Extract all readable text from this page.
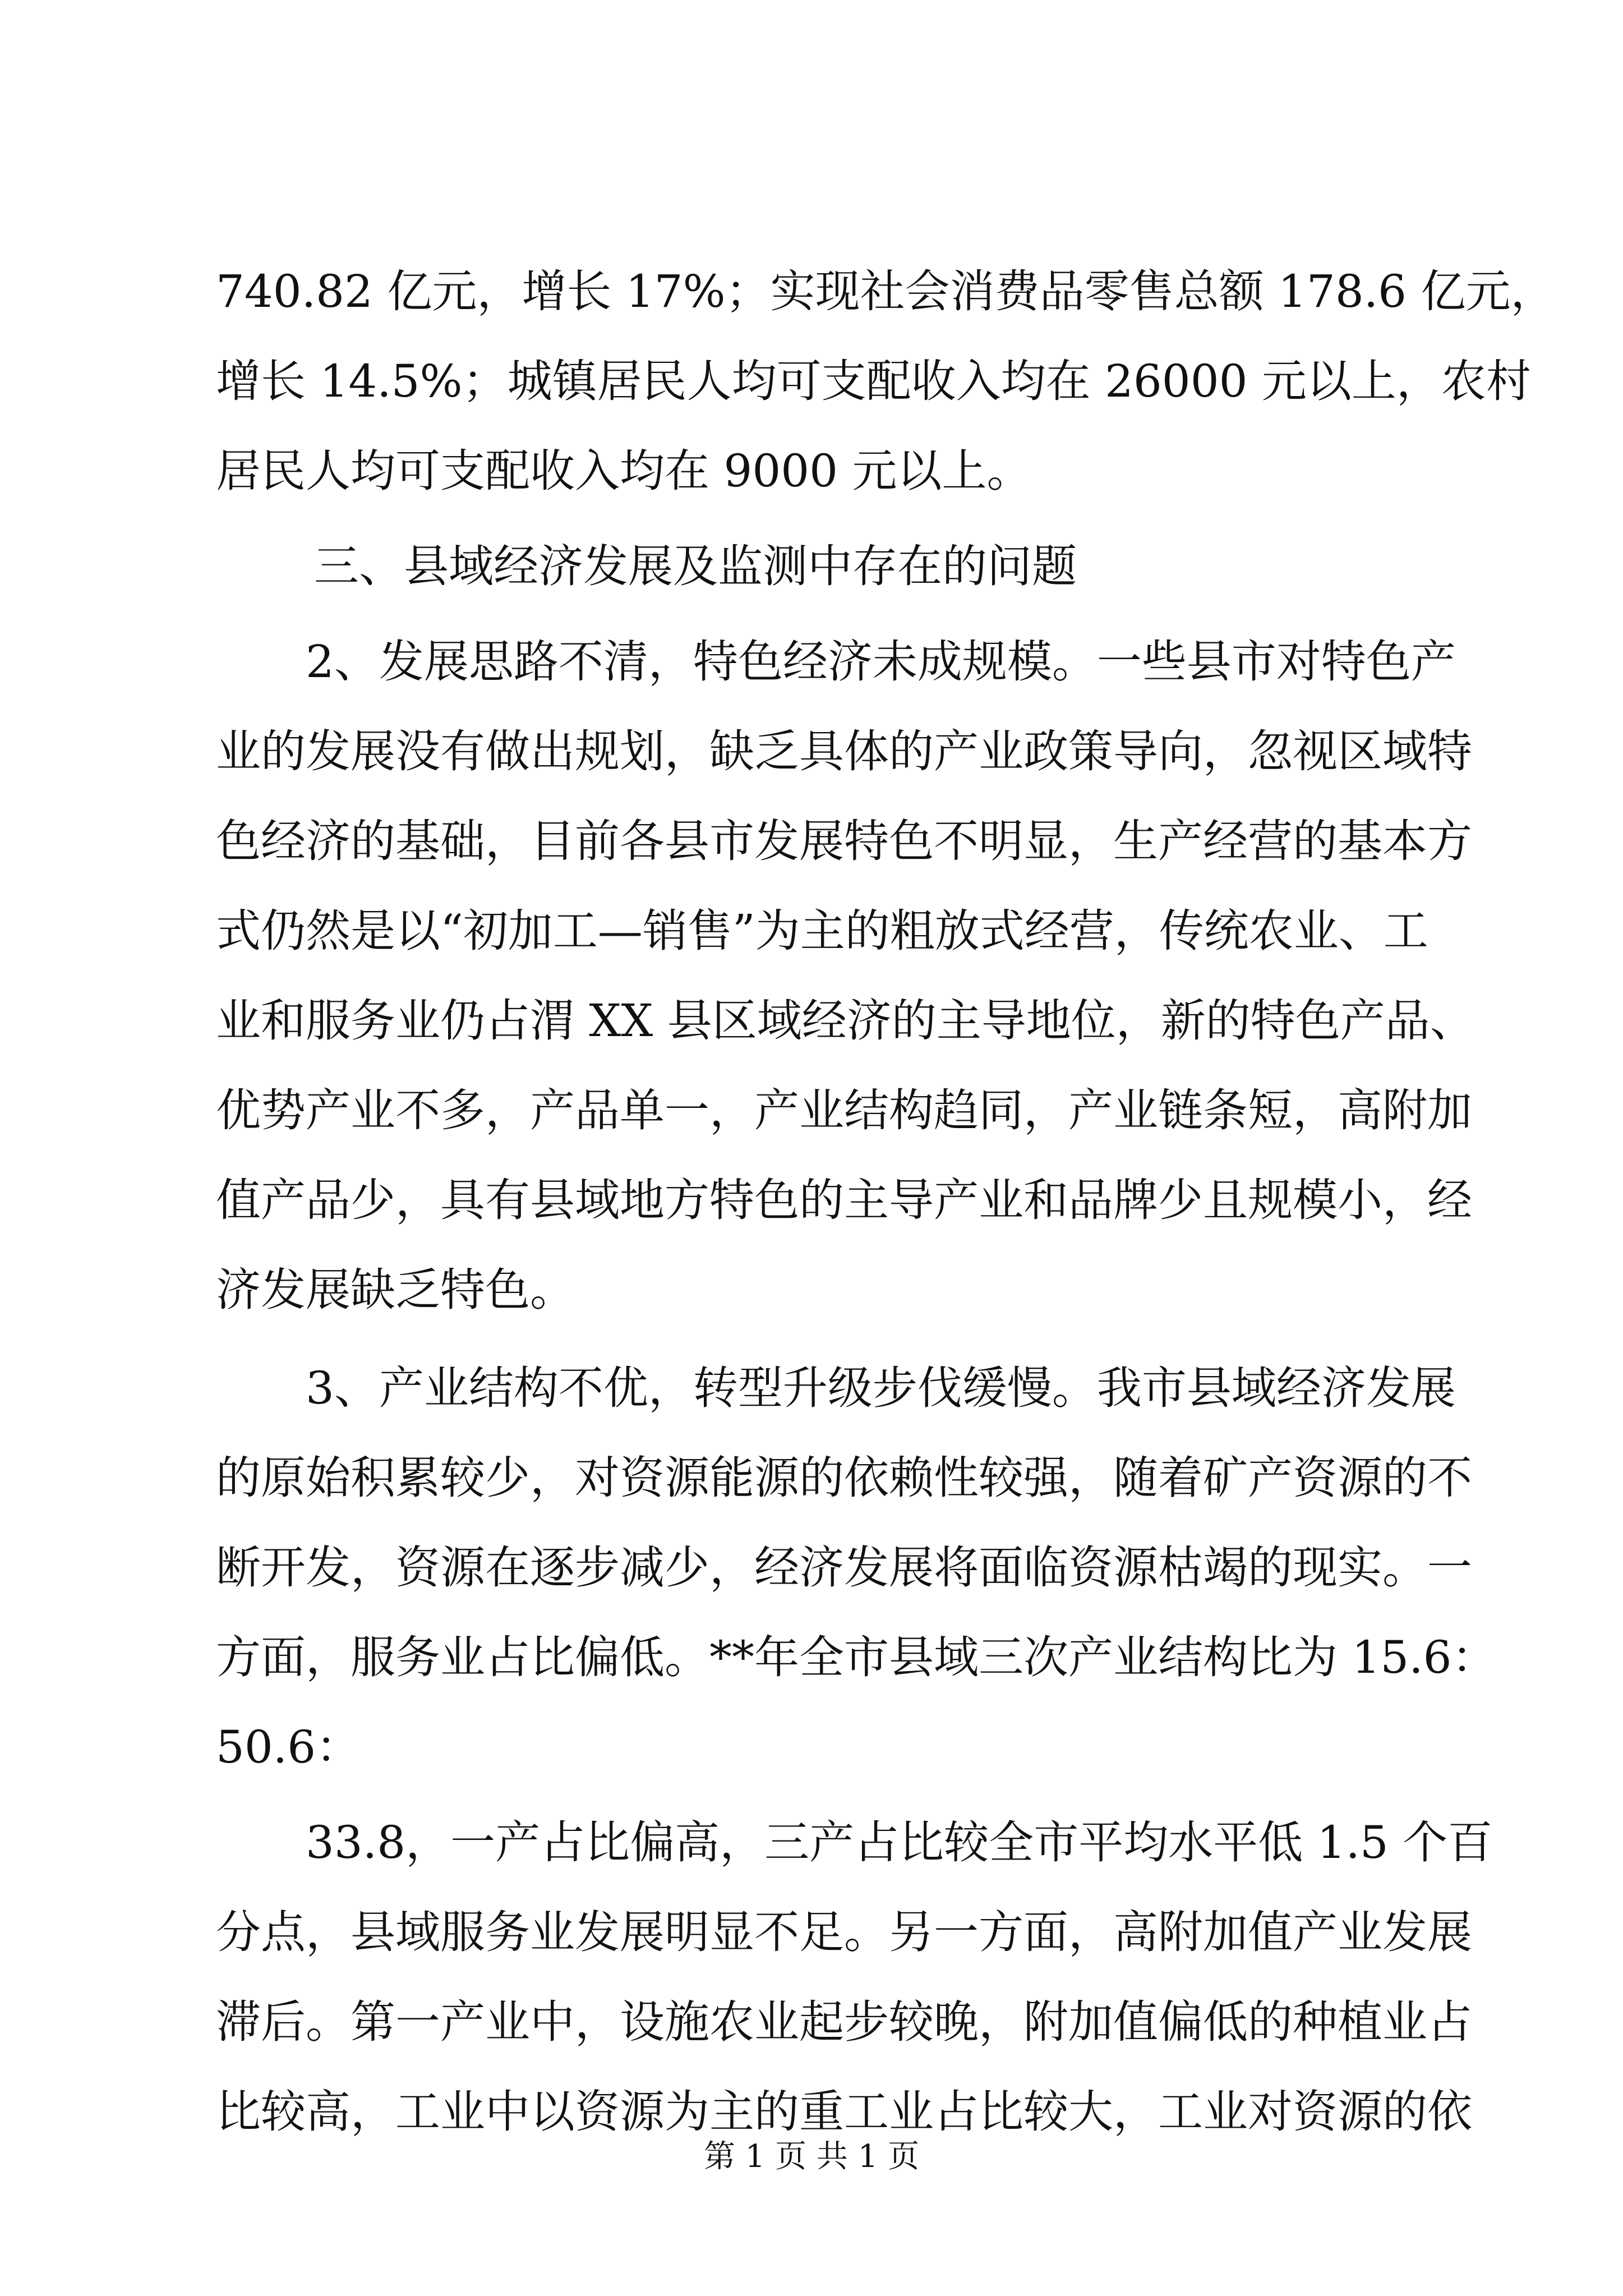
740.82 亿元，增长 17%；实现社会消费品零售总额 178.6 亿元，
增长 14.5%；城镇居民人均可支配收入均在 26000 元以上，农村
居民人均可支配收入均在 9000 元以上。
三、县域经济发展及监测中存在的问题
2、发展思路不清，特色经济未成规模。一些县市对特色产
业的发展没有做出规划，缺乏具体的产业政策导向，忽视区域特
色经济的基础，目前各县市发展特色不明显，生产经营的基本方
式仍然是以“初加工—销售”为主的粗放式经营，传统农业、工
业和服务业仍占渭 XX 县区域经济的主导地位，新的特色产品、
优势产业不多，产品单一，产业结构趋同，产业链条短，高附加
值产品少，具有县域地方特色的主导产业和品牌少且规模小，经
济发展缺乏特色。
3、产业结构不优，转型升级步伐缓慢。我市县域经济发展
的原始积累较少，对资源能源的依赖性较强，随着矿产资源的不
断开发，资源在逐步减少，经济发展将面临资源枯竭的现实。一
方面，服务业占比偏低。**年全市县域三次产业结构比为 15.6：
50.6：
33.8，一产占比偏高，三产占比较全市平均水平低 1.5 个百
分点，县域服务业发展明显不足。另一方面，高附加值产业发展
滞后。第一产业中，设施农业起步较晚，附加值偏低的种植业占
比较高，工业中以资源为主的重工业占比较大，工业对资源的依
第 1 页 共 1 页
